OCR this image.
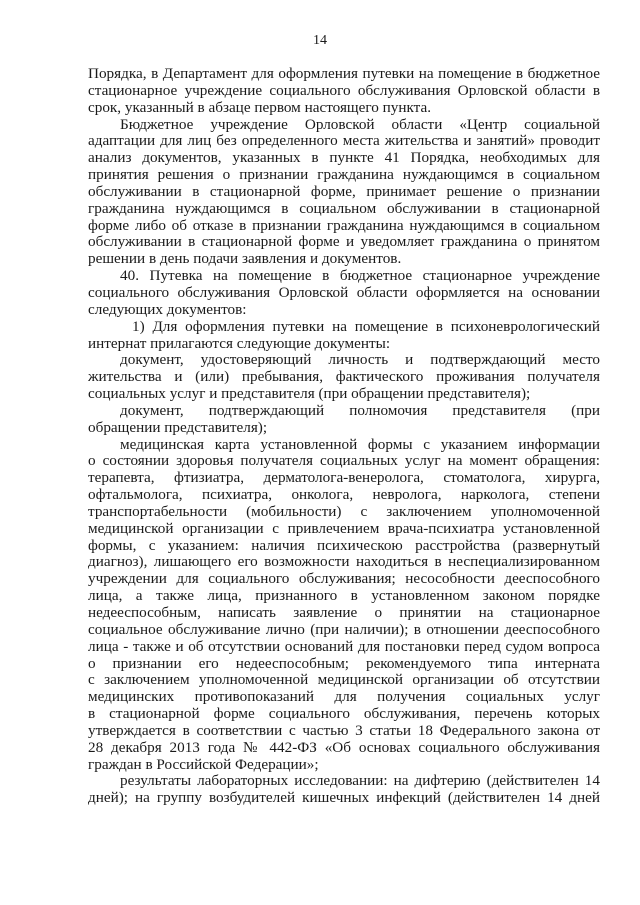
14
Порядка, в Департамент для оформления путевки на помещение в бюджетное
стационарное учреждение социального обслуживания Орловской области в
срок, указанный в абзаце первом настоящего пункта.
Бюджетное учреждение Орловской области «Центр социальной
адаптации для лиц без определенного места жительства и занятий» проводит
анализ документов, указанных в пункте 41 Порядка, необходимых для
принятия решения о признании гражданина нуждающимся в социальном
обслуживании в стационарной форме, принимает решение о признании
гражданина нуждающимся в социальном обслуживании в стационарной
форме либо об отказе в признании гражданина нуждающимся в социальном
обслуживании в стационарной форме и уведомляет гражданина о принятом
решении в день подачи заявления и документов.
40. Путевка на помещение в бюджетное стационарное учреждение
социального обслуживания Орловской области оформляется на основании
следующих документов:
1) Для оформления путевки на помещение в психоневрологический
интернат прилагаются следующие документы:
документ, удостоверяющий личность и подтверждающий место
жительства и (или) пребывания, фактического проживания получателя
социальных услуг и представителя (при обращении представителя);
документ, подтверждающий полномочия представителя (при
обращении представителя);
медицинская карта установленной формы с указанием информации
о состоянии здоровья получателя социальных услуг на момент обращения:
терапевта, фтизиатра, дерматолога-венеролога, стоматолога, хирурга,
офтальмолога, психиатра, онколога, невролога, нарколога, степени
транспортабельности (мобильности) с заключением уполномоченной
медицинской организации с привлечением врача-психиатра установленной
формы, с указанием: наличия психическою расстройства (развернутый
диагноз), лишающего его возможности находиться в неспециализированном
учреждении для социального обслуживания; несособности дееспособного
лица, а также лица, признанного в установленном законом порядке
недееспособным, написать заявление о принятии на стационарное
социальное обслуживание лично (при наличии); в отношении дееспособного
лица - также и об отсутствии оснований для постановки перед судом вопроса
о признании его недееспособным; рекомендуемого типа интерната
с заключением уполномоченной медицинской организации об отсутствии
медицинских противопоказаний для получения социальных услуг
в стационарной форме социального обслуживания, перечень которых
утверждается в соответствии с частью 3 статьи 18 Федерального закона от
28 декабря 2013 года № 442-ФЗ «Об основах социального обслуживания
граждан в Российской Федерации»;
результаты лабораторных исследовании: на дифтерию (действителен 14
дней); на группу возбудителей кишечных инфекций (действителен 14 дней
